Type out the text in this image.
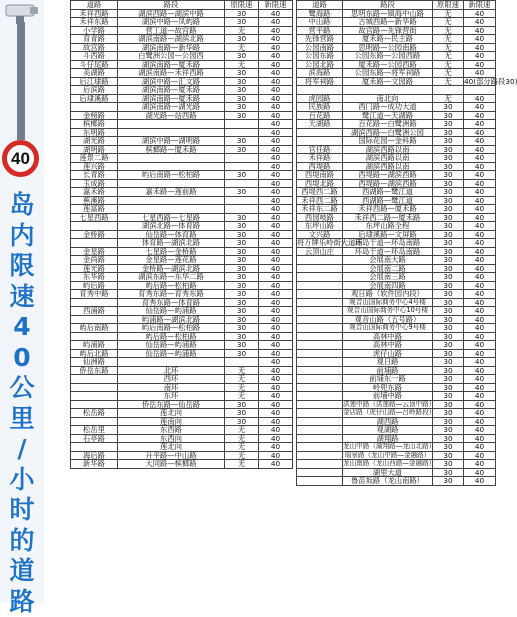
40
岛
内
限
速
4
0
公
里
/
小
时
的
道
路
道路	路段	原限速	新限速
禾祥西路	湖滨西路—湖滨中路	30	40
禾祥东路	湖滨中路—凤屿路	30	40
小学路	营工道—故宫路	无	40
育青路	湖滨南路—湖滨北路	30	40
故宫路	湖滨南路—新华路	无	40
斗西路	白鹭洲公园—公园西	30	40
斗仔尾路	湖滨南路—厦禾路	无	40
美湖路	湖滨南路—禾祥西路	30	40
后江埭路	湖滨中路—汇文路	30	40
后滨路	湖滨南路—厦禾路	30	40
后埭溪路	湖滨南路—厦禾路	30	40
	湖滨南路—湖光路	30	40
金榜路	湖光路—站西路	30	40
槟榔路			40
东明路			40
湖光路	湖滨中路—湖明路	30	40
湖明路	槟榔路—厦禾路	30	40
莲景二路			40
莲兴路			40
长青路	屿后南路—松柏路	30	40
玉成路			40
嘉禾路	嘉禾路—莲前路	30	40
蕉溪路			40
莲富路			40
七星西路	七星西路—七星路	30	40
	湖滨北路—体育路	30	40
金桥路	仙岳路—体育路	30	40
	体育路—湖滨北路	30	40
金星路	七星路—金桥路	30	40
金尚路	金星路—莲花路	30	40
莲光路	金桥路—湖滨北路	30	40
东华路	湖滨东路—东华二路	30	40
屿后路	屿后路—松柏路	30	40
育秀中路	育秀东路—育秀东路	30	40
	育秀东路—体育路	30	40
西浦路	仙岳路—屿浦路	30	40
	屿浦路—湖滨北路	30	40
屿后南路	屿后南路—松柏路	30	40
	屿后路—松柏路	30	40
屿浦路	仙岳路—屿浦路	30	40
屿后北路	仙岳路—屿浦路	30	40
仙洲路			40
侨岳东路	北环	无	40
	西环	无	40
	南环	无	40
	东环	无	40
	侨岳东路—仙岳路	30	40
松岳路	莲北向	30	40
	莲南向	30	40
松岳里	东西路	无	40
石亭路	东西向	无	40
	莲北向	无	40
海后路	升平路—中山路	无	40
新华路	大同路—槟榔路	无	40
道路	路段	原限速	新限速
鹭海路	思明东路—镇海中山路	无	40
中山路	古城西路—新华路	无	40
营平路	故宫路—先锋营街	无	40
先锋营路	厦禾路—民主路	无	40
公园南路	思明路—公园南路	无	40
公园东路	公园东路—公园西路	无	40
公园北路	厦禾路—公园西路	无	40
滨海路	公园东路—将军祠路	无	40
将军祠路	厦禾路—文园路	无	40(部分路段30)

虎园路	南北向	无	40
民族路	西门路—成功大道	30	40
百花路	鹭江道—天湖路	30	40
天湖路	百花路—白鹭洲路	30	40
	湖滨西路—白鹭洲公园	30	40
	国际花园—金科路	30	40
官任路	湖滨西路以南	30	40
禾祥路	湖滨西路以南	30	40
西堤路	湖滨西路以南	30	40
西堤南路	西堤路—湖滨西路	30	40
西堤北路	西堤路—湖滨西路	30	40
西堤西二路	西湖路—鹭江道	30	40
禾祥西二路	西湖路—鹭江道	30	40
禾祥东二路	禾祥西路—厦禾路	30	40
西园岐路	禾祥西二路—厦禾路	30	40
东坪山路	东坪山路全程	30	40
文兴路	后埭溪路—文屏路	30	40
将万牌乐岭街大道南	环岛干道—环岛南路	30	40
云顶山庄	环岛干道—环岛南路	30	40
	会展南大路	30	40
	会展南二路	30	40
	会展南三路	30	40
	会展南四路	30	40
	观日路（软件园内段）	30	40
	观音山国际商务中心4号楼	30	40
	观音山国际商务中心10号楼	30	40
	观音山路（五号路）	30	40
	观音山国际商务中心9号楼	30	40
	高林中路	30	40
	高林中路	30	40
	虎仔山路	30	40
	观日路	30	40
	前埔路	30	40
	前埔东一路	30	40
	岭兜东路	30	40
	前埔中路	30	40
	洪莲中路（洪莲路—云顶中路）	30	40
	金店路（虎仔山路—吕岭路段）	30	40
	湖西路	30	40
	观湖路	30	40
	湖翔路	30	40
	龙山中路（湖翔路—龙山北路）	30	40
	瑞景路（龙山中路—金融路）	30	40
	龙山南路（龙山西路—金融路）	30	40
	湖里大道	30	40
	鲁苗坂路（龙山南路）	30	40
